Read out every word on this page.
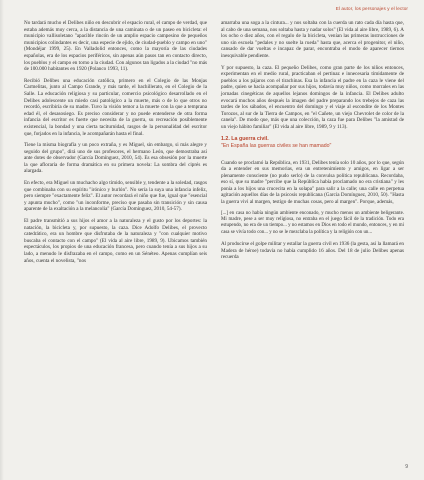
El autor, los personajes y el lector

No tardará mucho el Delibes niño en descubrir el espacio rural, el campo de verdad, que estaba además muy cerca, a la distancia de una caminata o de un paseo en bicicleta: el municipio vallisoletano "apacible rincón de un amplio espacio campesino de pequeños municipios colindantes es decir, una especie de ejido, de ciudad-pueblo y campo en uno" (Mondéjar 1999, 25). En Valladolid entonces, como la mayoría de las ciudades españolas, era de los espacios periféricos, sin apenas aún pasos tan en contacto directo, los pueblos y el campo en torno a la ciudad. Con algunos tan ligados a la ciudad "no más de 100.000 habitantes en 1920 (Polanco 1993, 11).

Recibió Delibes una educación católica, primero en el Colegio de las Monjas Carmelitas, junto al Campo Grande, y más tarde, el bachillerato, en el Colegio de la Salle. La educación religiosa y su particular, comercio psicológico desarrollado en el Delibes adolescente un miedo casi patológico a la muerte, más o de lo que otros no recordó, escribiría de su madre. Tuvo la visión temor a la muerte con la que a temprana edad él, el desasosiego. Es preciso considerar y no puede entenderse de otra forma infancia del escritor es fuerte que necesita de la guerra, su recreación posiblemente existencial, la bondad y una cierta taciturnidad, rasgos de la personalidad del escritor que, forjados en la infancia, le acompañarán hasta el final.

Tiene la misma biografía y un poco extraña, y es Miguel, sin embargo, si más alegre y seguido del grupo", dirá uno de sus profesores, el hermano León, que demostraba así ante dotes de observador (García Domínguez, 2010, 54). Es esa obsesión por la muerte la que afloraría de forma dramática en su primera novela: La sombra del ciprés es alargada.

En efecto, era Miguel un muchacho algo tímido, sensible y, tendente a la soledad, rasgos que combinaba con su espíritu "irónico y burlón". No sería la suya una infancia infeliz, pero siempre "exactamente feliz". El autor recordará el niño que fue, igual que "esencial y apunta mucho", como "un inconforme, preciso que pasaba sin transición y sin causa aparente de la exaltación a la melancolía" (García Domínguez, 2010, 54-57).

El padre transmitió a sus hijos el amor a la naturaleza y el gusto por los deportes: la natación, la bicicleta y, por supuesto, la caza. Dice Adolfo Delibes, el provecto catedrático, era un hombre que disfrutaba de la naturaleza y "con cualquier motivo buscaba el contacto con el campo" (El vida al aire libre, 1989, 9). Ubicamos también espectáculos, los propios de una educación francesa, pero cuando tenía a sus hijos a su lado, a menudo le disfrazaba en el campo, como en un Sénéteo. Apenas cumplían seis años, cuenta el novelista, "nos

amarraba una soga a la cintura... y nos soltaba con la cuerda un rato cada día hasta que, al cabo de una semana, nos soltaba hasta y nadar solos" (El vida al aire libre, 1989, 6). A los ocho o diez años, con el regalo de la bicicleta, venían las primeras instrucciones de uno sin escuela "pedales y no suelte la rueda" hasta que, acerca el progenitor, el niño, cansado de dar vueltas e incapaz de parar, encontraba el modo de aparecer tiernos inesquivable pendiente.

Y por supuesto, la caza. El pequeño Delibes, como gran parte de los niños entonces, experimentan en el medio rural, practicaban el pertinaz e innecesaria tímidamente de pueblos a los pájaros con el tirachinas. Esa la infancia el padre en la caza le viene del padre, quien se hacía acompañar por sus hijos, todavía muy niños, como morrales en las jornadas cinegéticas de aquellos lejanos domingos de la infancia. El Delibes adulto evocará muchos años después la imagen del padre preparando los trebejos de caza las tardes de los sábados, el encuentro del domingo y el viaje al escondite de los Montes Torozos, al sur de la Tierra de Campos, en "el Cañete, un viejo Chevrolet de color de la canela". De modo que, más que una colección, la caza fue para Delibes "la amistad de un viejo hábito familiar" (El vida al aire libre, 1989, 9 y 113).

1.2. La guerra civil.
"En España las guerras civiles se han mamado"

Cuando se proclamó la República, en 1931, Delibes tenía solo 10 años, por lo que, según da a entender en sus memorias, era un entretenimiento y amigos, en ligar a ser plenamente consciente (no pudo serlo) de la convulsa política republicana. Recordaba, eso sí, que su madre "percibe que la República había proclamado no era cristiana" y les ponía a los hijos una crucecita en la solapa" para salir a la calle; una calle en perpetua agitación aquellos días de la psicosis republicana (García Domínguez, 2010, 50). "Hasta la guerra vivi al margen, testigo de muchas cosas, pero al margen". Porque, además,

[...] en casa no había ningún ambiente enconado, y mucho menos un ambiente beligerante. Mi madre, pese a ser muy religiosa, no entraba en el juego fácil de la tradición. Todo era estupendo, no era de un tiempo... y no estamos en Dios en todo el mundo, entonces, y en mi casa se vivía todo con... y no se le mezclaba la política y la religión con un...

Al producirse el golpe militar y estallar la guerra civil en 1936 (la gesta, así la llamará en Madera de héroe) todavía no había cumplido 16 años. Del 18 de julio Delibes apenas recuerda

9
